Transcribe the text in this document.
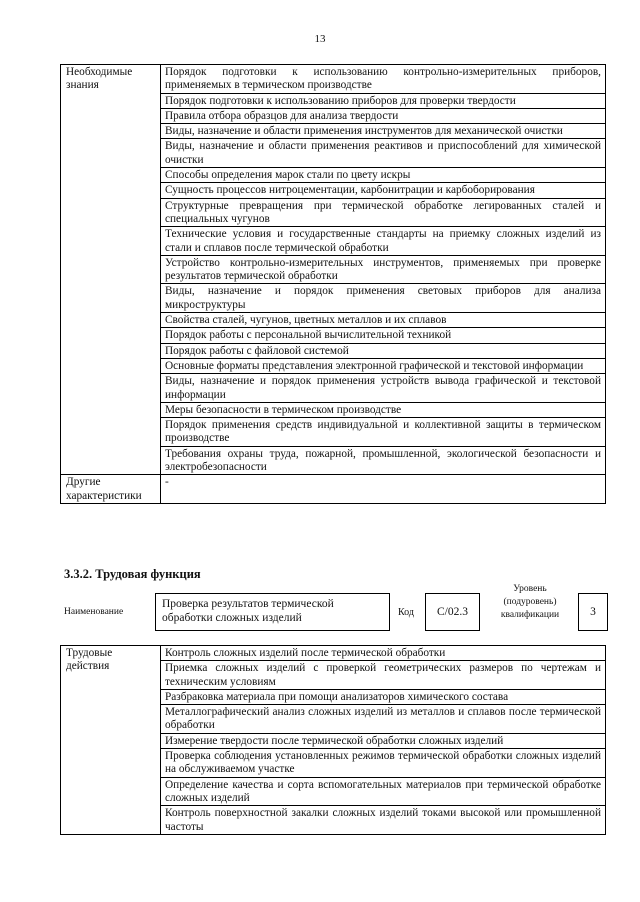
13
Необходимые знания	Порядок подготовки к использованию контрольно-измерительных приборов, применяемых в термическом производстве
	Порядок подготовки к использованию приборов для проверки твердости
	Правила отбора образцов для анализа твердости
	Виды, назначение и области применения инструментов для механической очистки
	Виды, назначение и области применения реактивов и приспособлений для химической очистки
	Способы определения марок стали по цвету искры
	Сущность процессов нитроцементации, карбонитрации и карбоборирования
	Структурные превращения при термической обработке легированных сталей и специальных чугунов
	Технические условия и государственные стандарты на приемку сложных изделий из стали и сплавов после термической обработки
	Устройство контрольно-измерительных инструментов, применяемых при проверке результатов термической обработки
	Виды, назначение и порядок применения световых приборов для анализа микроструктуры
	Свойства сталей, чугунов, цветных металлов и их сплавов
	Порядок работы с персональной вычислительной техникой
	Порядок работы с файловой системой
	Основные форматы представления электронной графической и текстовой информации
	Виды, назначение и порядок применения устройств вывода графической и текстовой информации
	Меры безопасности в термическом производстве
	Порядок применения средств индивидуальной и коллективной защиты в термическом производстве
	Требования охраны труда, пожарной, промышленной, экологической безопасности и электробезопасности
Другие характеристики	-
3.3.2. Трудовая функция
Наименование
Проверка результатов термической обработки сложных изделий	Код	C/02.3
Уровень (подуровень) квалификации	3
Трудовые действия	Контроль сложных изделий после термической обработки
Приемка сложных изделий с проверкой геометрических размеров по чертежам и техническим условиям
Разбраковка материала при помощи анализаторов химического состава
Металлографический анализ сложных изделий из металлов и сплавов после термической обработки
Измерение твердости после термической обработки сложных изделий
Проверка соблюдения установленных режимов термической обработки сложных изделий на обслуживаемом участке
Определение качества и сорта вспомогательных материалов при термической обработке сложных изделий
Контроль поверхностной закалки сложных изделий токами высокой или промышленной частоты
